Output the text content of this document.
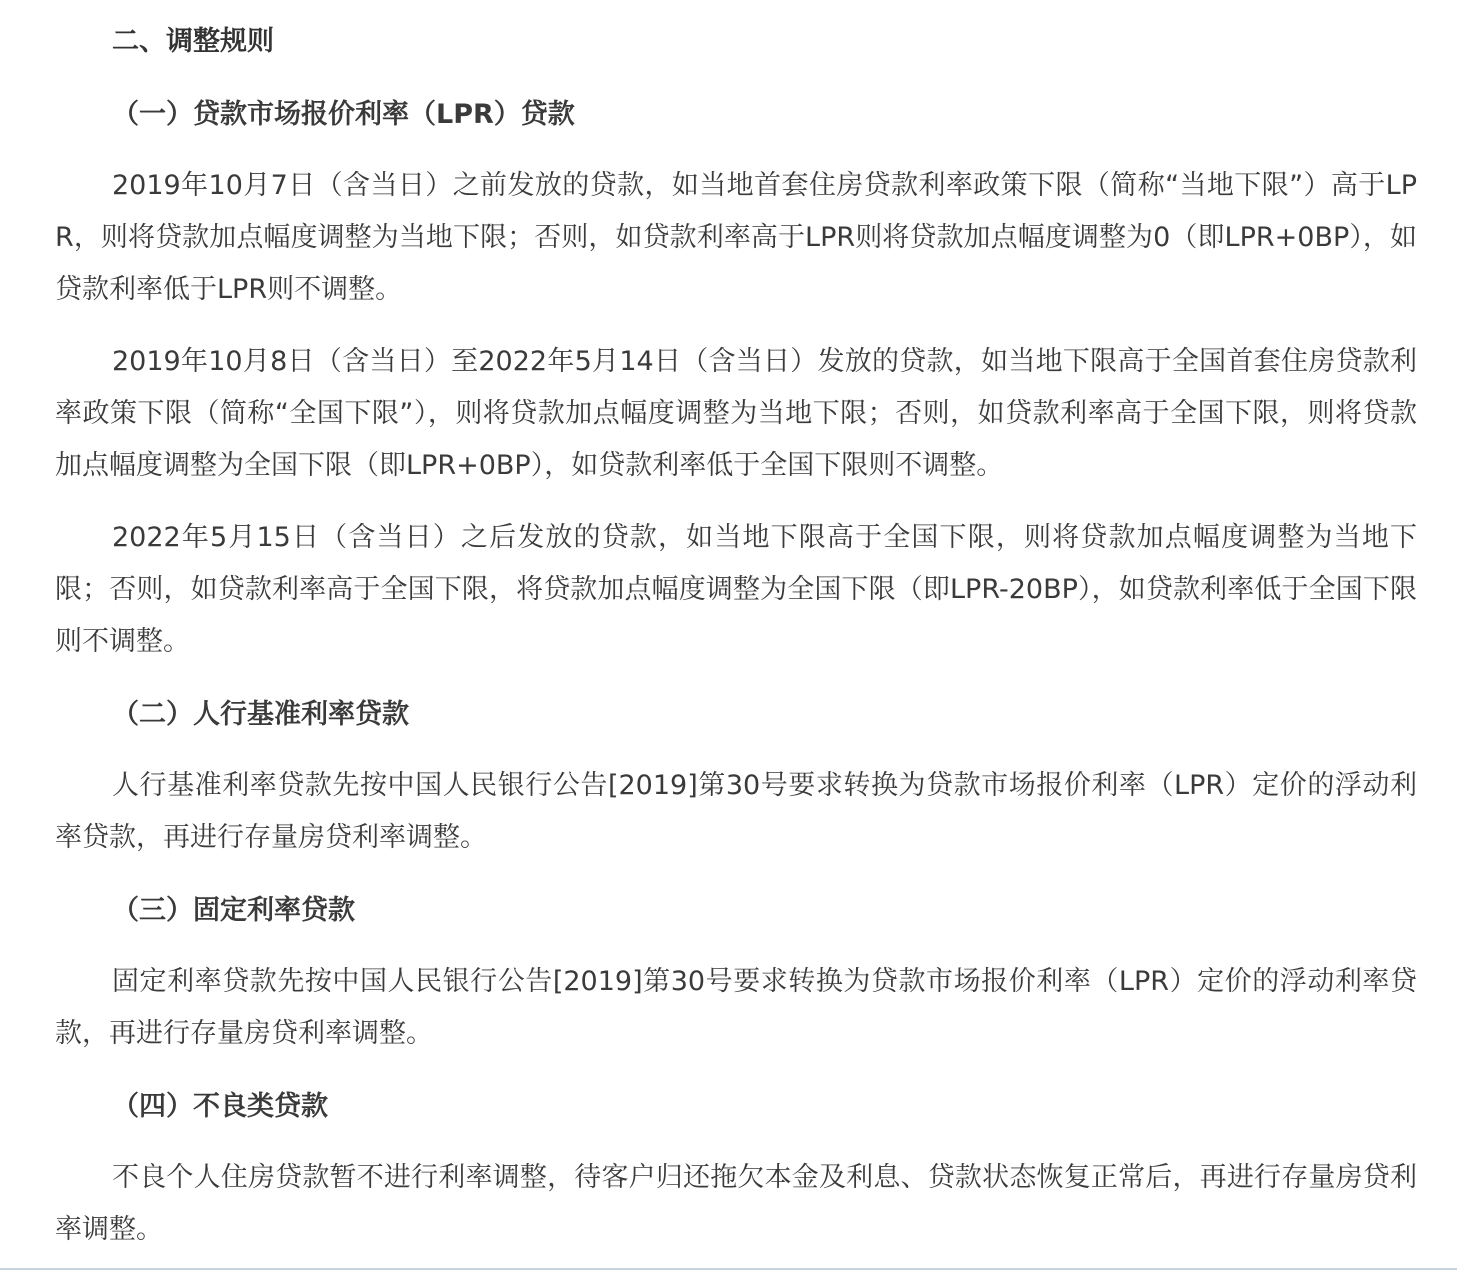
二、调整规则
（一）贷款市场报价利率（LPR）贷款

2019年10月7日（含当日）之前发放的贷款，如当地首套住房贷款利率政策下限（简称“当地下限”）高于LPR，则将贷款加点幅度调整为当地下限；否则，如贷款利率高于LPR则将贷款加点幅度调整为0（即LPR+0BP），如贷款利率低于LPR则不调整。

2019年10月8日（含当日）至2022年5月14日（含当日）发放的贷款，如当地下限高于全国首套住房贷款利率政策下限（简称“全国下限”），则将贷款加点幅度调整为当地下限；否则，如贷款利率高于全国下限，则将贷款加点幅度调整为全国下限（即LPR+0BP），如贷款利率低于全国下限则不调整。

2022年5月15日（含当日）之后发放的贷款，如当地下限高于全国下限，则将贷款加点幅度调整为当地下限；否则，如贷款利率高于全国下限，将贷款加点幅度调整为全国下限（即LPR-20BP），如贷款利率低于全国下限则不调整。

（二）人行基准利率贷款

人行基准利率贷款先按中国人民银行公告[2019]第30号要求转换为贷款市场报价利率（LPR）定价的浮动利率贷款，再进行存量房贷利率调整。

（三）固定利率贷款

固定利率贷款先按中国人民银行公告[2019]第30号要求转换为贷款市场报价利率（LPR）定价的浮动利率贷款，再进行存量房贷利率调整。

（四）不良类贷款

不良个人住房贷款暂不进行利率调整，待客户归还拖欠本金及利息、贷款状态恢复正常后，再进行存量房贷利率调整。
